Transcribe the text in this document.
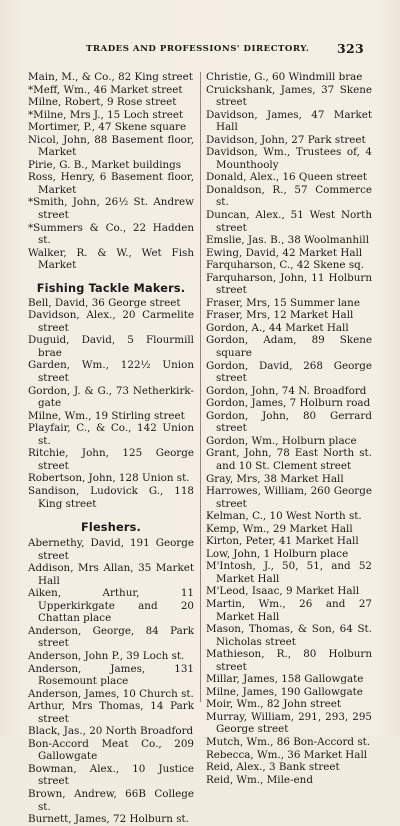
TRADES AND PROFESSIONS' DIRECTORY. 323
Main, M., & Co., 82 King street
*Meff, Wm., 46 Market street
Milne, Robert, 9 Rose street
*Milne, Mrs J., 15 Loch street
Mortimer, P., 47 Skene square
Nicol, John, 88 Basement floor, Market
Pirie, G. B., Market buildings
Ross, Henry, 6 Basement floor, Market
*Smith, John, 26½ St. Andrew street
*Summers & Co., 22 Hadden st.
Walker, R. & W., Wet Fish Market
Fishing Tackle Makers.
Bell, David, 36 George street
Davidson, Alex., 20 Carmelite street
Duguid, David, 5 Flourmill brae
Garden, Wm., 122½ Union street
Gordon, J. & G., 73 Netherkirk-gate
Milne, Wm., 19 Stirling street
Playfair, C., & Co., 142 Union st.
Ritchie, John, 125 George street
Robertson, John, 128 Union st.
Sandison, Ludovick G., 118 King street
Fleshers.
Abernethy, David, 191 George street
Addison, Mrs Allan, 35 Market Hall
Aiken, Arthur, 11 Upperkirkgate and 20 Chattan place
Anderson, George, 84 Park street
Anderson, John P., 39 Loch st.
Anderson, James, 131 Rosemount place
Anderson, James, 10 Church st.
Arthur, Mrs Thomas, 14 Park street
Black, Jas., 20 North Broadford
Bon-Accord Meat Co., 209 Gallowgate
Bowman, Alex., 10 Justice street
Brown, Andrew, 66B College st.
Burnett, James, 72 Holburn st.
Christie, G., 60 Windmill brae
Cruickshank, James, 37 Skene street
Davidson, James, 47 Market Hall
Davidson, John, 27 Park street
Davidson, Wm., Trustees of, 4 Mounthooly
Donald, Alex., 16 Queen street
Donaldson, R., 57 Commerce st.
Duncan, Alex., 51 West North street
Emslie, Jas. B., 38 Woolmanhill
Ewing, David, 42 Market Hall
Farquharson, C., 42 Skene sq.
Farquharson, John, 11 Holburn street
Fraser, Mrs, 15 Summer lane
Fraser, Mrs, 12 Market Hall
Gordon, A., 44 Market Hall
Gordon, Adam, 89 Skene square
Gordon, David, 268 George street
Gordon, John, 74 N. Broadford
Gordon, James, 7 Holburn road
Gordon, John, 80 Gerrard street
Gordon, Wm., Holburn place
Grant, John, 78 East North st. and 10 St. Clement street
Gray, Mrs, 38 Market Hall
Harrowes, William, 260 George street
Kelman, C., 10 West North st.
Kemp, Wm., 29 Market Hall
Kirton, Peter, 41 Market Hall
Low, John, 1 Holburn place
M'Intosh, J., 50, 51, and 52 Market Hall
M'Leod, Isaac, 9 Market Hall
Martin, Wm., 26 and 27 Market Hall
Mason, Thomas, & Son, 64 St. Nicholas street
Mathieson, R., 80 Holburn street
Millar, James, 158 Gallowgate
Milne, James, 190 Gallowgate
Moir, Wm., 82 John street
Murray, William, 291, 293, 295 George street
Mutch, Wm., 86 Bon-Accord st.
Rebecca, Wm., 36 Market Hall
Reid, Alex., 3 Bank street
Reid, Wm., Mile-end
